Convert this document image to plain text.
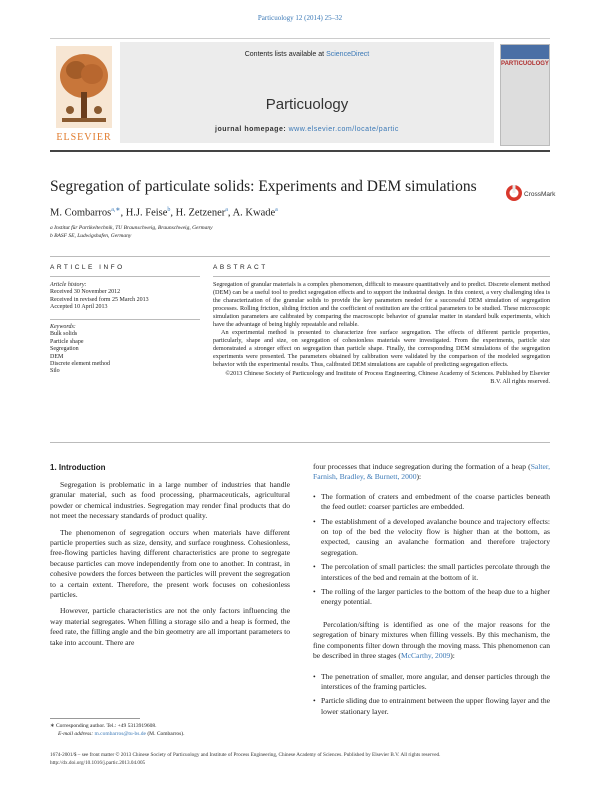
Particuology 12 (2014) 25–32
ELSEVIER
Contents lists available at ScienceDirect
Particuology
journal homepage: www.elsevier.com/locate/partic
PARTICUOLOGY
Segregation of particulate solids: Experiments and DEM simulations	CrossMark
M. Combarros$^{a,∗}$, H.J. Feise$^b$, H. Zetzener$^a$, A. Kwade$^a$
a Institut für Partikeltechnik, TU Braunschweig, Braunschweig, Germany
b BASF SE, Ludwigshafen, Germany
ARTICLE INFO
Article history:
Received 30 November 2012
Received in revised form 25 March 2013
Accepted 10 April 2013
Keywords:
Bulk solids
Particle shape
Segregation
DEM
Discrete element method
Silo
ABSTRACT

Segregation of granular materials is a complex phenomenon, difficult to measure quantitatively and to predict. Discrete element method (DEM) can be a useful tool to predict segregation effects and to support the industrial design. In this context, a very challenging idea is the characterization of the granular solids to provide the key parameters needed for a successful DEM simulation of segregation processes. Rolling friction, sliding friction and the coefficient of restitution are the critical parameters to be studied. These microscopic simulation parameters are calibrated by comparing the macroscopic behavior of granular matter in standard bulk experiments, which have the advantage of being highly repeatable and reliable.

An experimental method is presented to characterize free surface segregation. The effects of different particle properties, particularly, shape and size, on segregation of cohesionless materials were investigated. From the experiments, particle size demonstrated a stronger effect on segregation than particle shape. Finally, the corresponding DEM simulations of the segregation experiments were presented. The parameters obtained by calibration were validated by the comparison of the modeled segregation behavior with the experimental results. Thus, calibrated DEM simulations are capable of predicting segregation effects.

©2013 Chinese Society of Particuology and Institute of Process Engineering, Chinese Academy of Sciences. Published by Elsevier B.V. All rights reserved.
1. Introduction

Segregation is problematic in a large number of industries that handle granular material, such as food processing, pharmaceuticals, agricultural powder or chemical industries. Segregation may render final products that do not meet the necessary standards of product quality.

The phenomenon of segregation occurs when materials have different particle properties such as size, density, and surface roughness. Cohesionless, free-flowing particles having different characteristics are prone to segregate because particles can move independently from one to another. In contrast, in cohesive powders the forces between the particles will prevent the segregation to a certain extent. Therefore, the present work focuses on cohesionless particles.

However, particle characteristics are not the only factors influencing the way material segregates. When filling a storage silo and a heap is formed, the feed rate, the filling angle and the bin geometry are all important parameters to take into account. There are

four processes that induce segregation during the formation of a heap (Salter, Farnish, Bradley, & Burnett, 2000):

• The formation of craters and embedment of the coarse particles beneath the feed outlet: coarser particles are embedded.
• The establishment of a developed avalanche bounce and trajectory effects: on top of the bed the velocity flow is higher than at the bottom, as expected, causing an avalanche formation and therefore trajectory segregation.
• The percolation of small particles: the small particles percolate through the interstices of the bed and remain at the bottom of it.
• The rolling of the larger particles to the bottom of the heap due to a higher energy potential.

Percolation/sifting is identified as one of the major reasons for the segregation of binary mixtures when filling vessels. By this mechanism, the fine components filter down through the moving mass. This phenomenon can be described in three stages (McCarthy, 2009):

• The penetration of smaller, more angular, and denser particles through the interstices of the framing particles.
• Particle sliding due to entrainment between the upper flowing layer and the lower stationary layer.
∗ Corresponding author. Tel.: +49 5313919608.
E-mail address: m.combarros@tu-bs.de (M. Combarros).
1674-2001/$ – see front matter © 2013 Chinese Society of Particuology and Institute of Process Engineering, Chinese Academy of Sciences. Published by Elsevier B.V. All rights reserved.
http://dx.doi.org/10.1016/j.partic.2013.04.005
